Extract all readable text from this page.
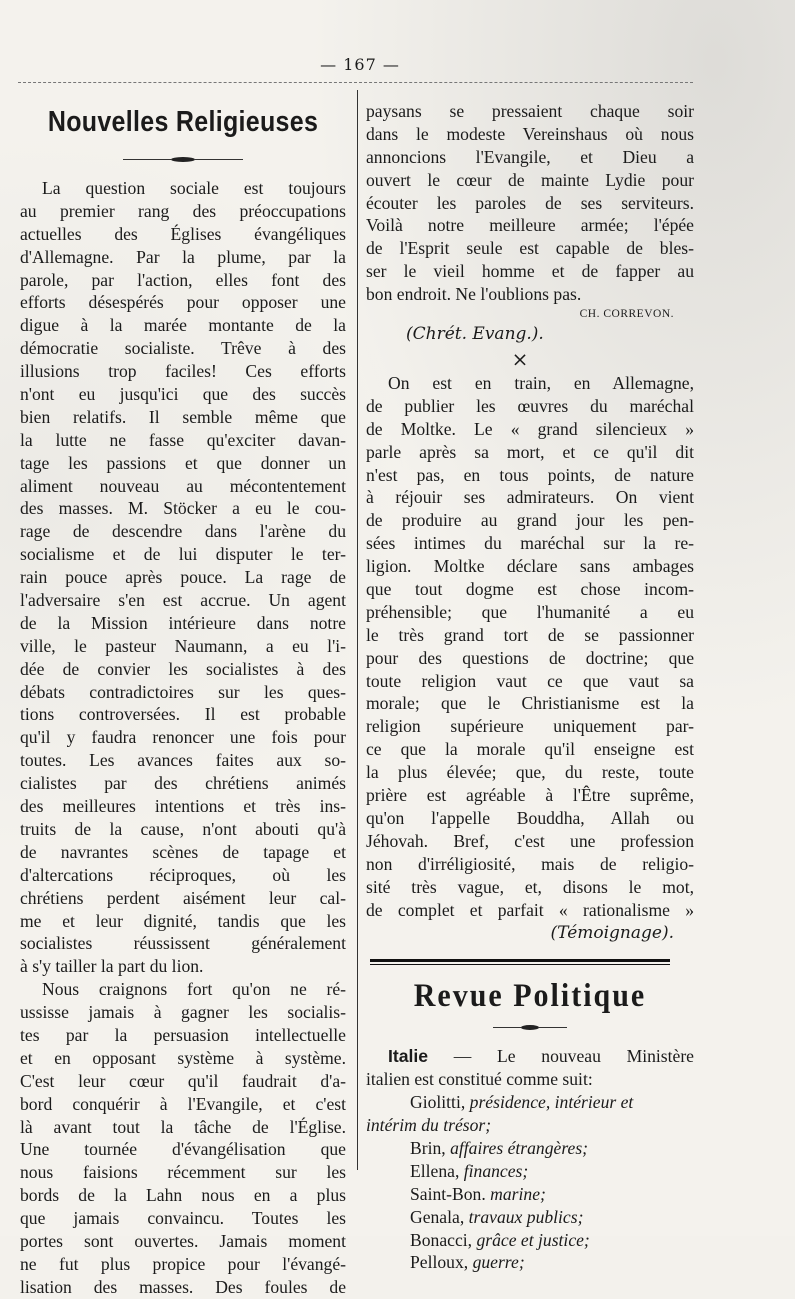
— 167 —
Nouvelles Religieuses
La question sociale est toujours
au premier rang des préoccupations
actuelles des Églises évangéliques
d'Allemagne. Par la plume, par la
parole, par l'action, elles font des
efforts désespérés pour opposer une
digue à la marée montante de la
démocratie socialiste. Trêve à des
illusions trop faciles! Ces efforts
n'ont eu jusqu'ici que des succès
bien relatifs. Il semble même que
la lutte ne fasse qu'exciter davan-
tage les passions et que donner un
aliment nouveau au mécontentement
des masses. M. Stöcker a eu le cou-
rage de descendre dans l'arène du
socialisme et de lui disputer le ter-
rain pouce après pouce. La rage de
l'adversaire s'en est accrue. Un agent
de la Mission intérieure dans notre
ville, le pasteur Naumann, a eu l'i-
dée de convier les socialistes à des
débats contradictoires sur les ques-
tions controversées. Il est probable
qu'il y faudra renoncer une fois pour
toutes. Les avances faites aux so-
cialistes par des chrétiens animés
des meilleures intentions et très ins-
truits de la cause, n'ont abouti qu'à
de navrantes scènes de tapage et
d'altercations réciproques, où les
chrétiens perdent aisément leur cal-
me et leur dignité, tandis que les
socialistes réussissent généralement
à s'y tailler la part du lion.
Nous craignons fort qu'on ne ré-
ussisse jamais à gagner les socialis-
tes par la persuasion intellectuelle
et en opposant système à système.
C'est leur cœur qu'il faudrait d'a-
bord conquérir à l'Evangile, et c'est
là avant tout la tâche de l'Église.
Une tournée d'évangélisation que
nous faisions récemment sur les
bords de la Lahn nous en a plus
que jamais convaincu. Toutes les
portes sont ouvertes. Jamais moment
ne fut plus propice pour l'évangé-
lisation des masses. Des foules de
paysans se pressaient chaque soir
dans le modeste Vereinshaus où nous
annoncions l'Evangile, et Dieu a
ouvert le cœur de mainte Lydie pour
écouter les paroles de ses serviteurs.
Voilà notre meilleure armée; l'épée
de l'Esprit seule est capable de bles-
ser le vieil homme et de fapper au
bon endroit. Ne l'oublions pas.
CH. CORREVON.
(Chrét. Evang.).
×
On est en train, en Allemagne,
de publier les œuvres du maréchal
de Moltke. Le « grand silencieux »
parle après sa mort, et ce qu'il dit
n'est pas, en tous points, de nature
à réjouir ses admirateurs. On vient
de produire au grand jour les pen-
sées intimes du maréchal sur la re-
ligion. Moltke déclare sans ambages
que tout dogme est chose incom-
préhensible; que l'humanité a eu
le très grand tort de se passionner
pour des questions de doctrine; que
toute religion vaut ce que vaut sa
morale; que le Christianisme est la
religion supérieure uniquement par-
ce que la morale qu'il enseigne est
la plus élevée; que, du reste, toute
prière est agréable à l'Être suprême,
qu'on l'appelle Bouddha, Allah ou
Jéhovah. Bref, c'est une profession
non d'irréligiosité, mais de religio-
sité très vague, et, disons le mot,
de complet et parfait « rationalisme »
(Témoignage).
Revue Politique
Italie — Le nouveau Ministère
italien est constitué comme suit:
Giolitti, présidence, intérieur et
intérim du trésor;
Brin, affaires étrangères;
Ellena, finances;
Saint-Bon. marine;
Genala, travaux publics;
Bonacci, grâce et justice;
Pelloux, guerre;
